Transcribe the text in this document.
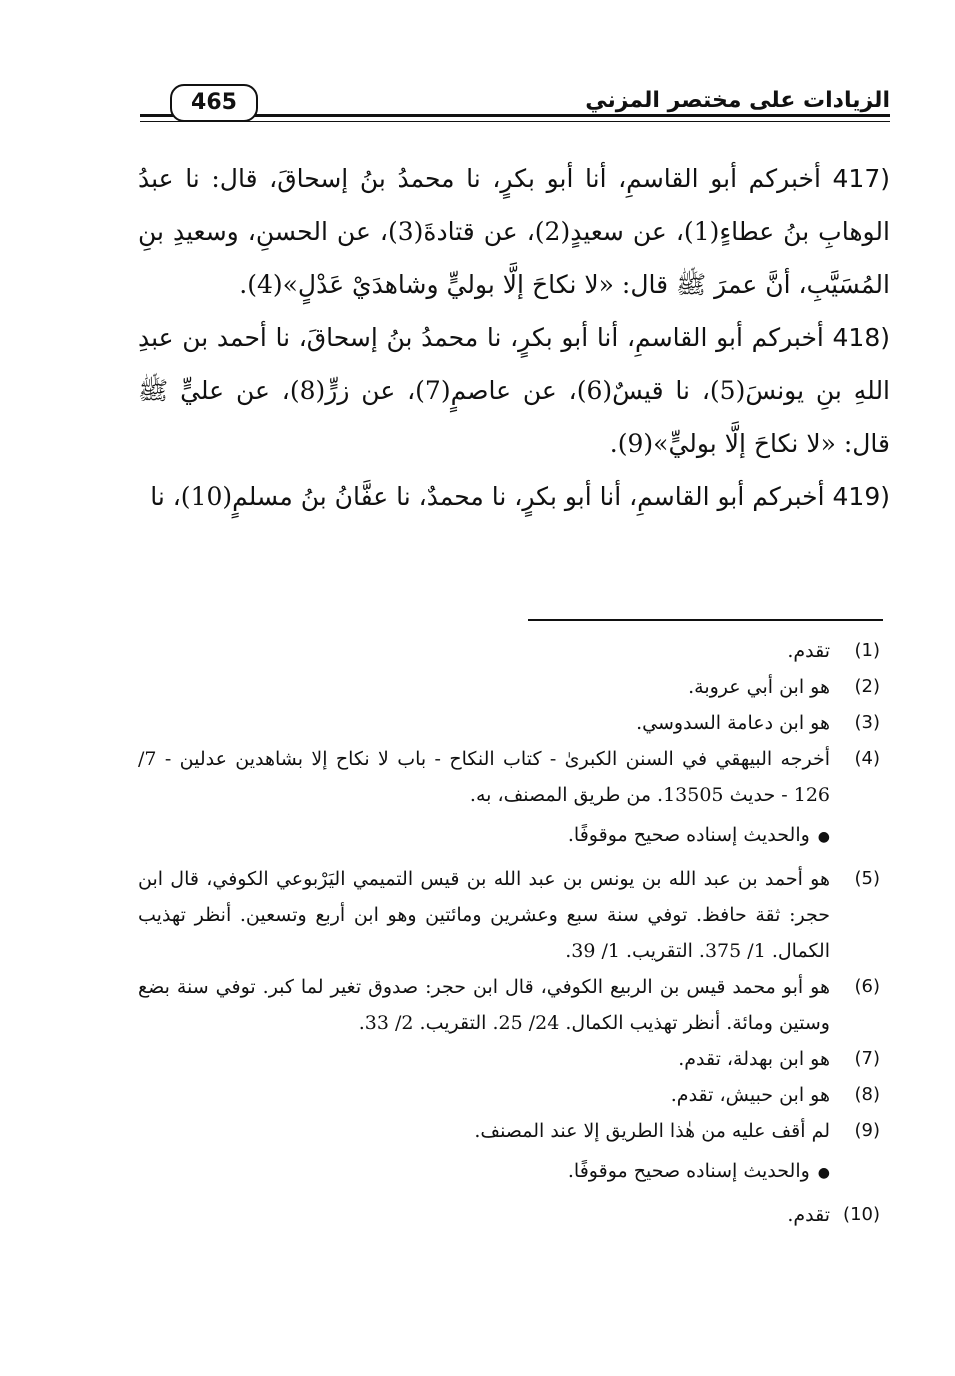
الزيادات على مختصر المزني
465

417) أخبركم أبو القاسمِ، أنا أبو بكرٍ، نا محمدُ بنُ إسحاقَ، قال: نا عبدُ الوهابِ بنُ عطاءٍ(1)، عن سعيدٍ(2)، عن قتادةَ(3)، عن الحسنِ، وسعيدِ بنِ المُسَيَّبِ، أنَّ عمرَ ﷺ قال: «لا نكاحَ إلَّا بوليٍّ وشاهدَيْ عَدْلٍ»(4).

418) أخبركم أبو القاسمِ، أنا أبو بكرٍ، نا محمدُ بنُ إسحاقَ، نا أحمد بن عبدِ اللهِ بنِ يونسَ(5)، نا قيسٌ(6)، عن عاصمٍ(7)، عن زرٍّ(8)، عن عليٍّ ﷺ قال: «لا نكاحَ إلَّا بوليٍّ»(9).

419) أخبركم أبو القاسمِ، أنا أبو بكرٍ، نا محمدٌ، نا عفَّانُ بنُ مسلمٍ(10)، نا

(1)
تقدم.
(2)
هو ابن أبي عروبة.
(3)
هو ابن دعامة السدوسي.
(4)
أخرجه البيهقي في السنن الكبرىٰ - كتاب النكاح - باب لا نكاح إلا بشاهدين عدلين - 7/ 126 - حديث 13505. من طريق المصنف، به.
●والحديث إسناده صحيح موقوفًا.
(5)
هو أحمد بن عبد الله بن يونس بن عبد الله بن قيس التميمي اليَرْبوعي الكوفي، قال ابن حجر: ثقة حافظ. توفي سنة سبع وعشرين ومائتين وهو ابن أربع وتسعين. أنظر تهذيب الكمال. 1/ 375. التقريب. 1/ 39.
(6)
هو أبو محمد قيس بن الربيع الكوفي، قال ابن حجر: صدوق تغير لما كبر. توفي سنة بضع وستين ومائة. أنظر تهذيب الكمال. 24/ 25. التقريب. 2/ 33.
(7)
هو ابن بهدلة، تقدم.
(8)
هو ابن حبيش، تقدم.
(9)
لم أقف عليه من هٰذا الطريق إلا عند المصنف.
●والحديث إسناده صحيح موقوفًا.
(10)
تقدم.
